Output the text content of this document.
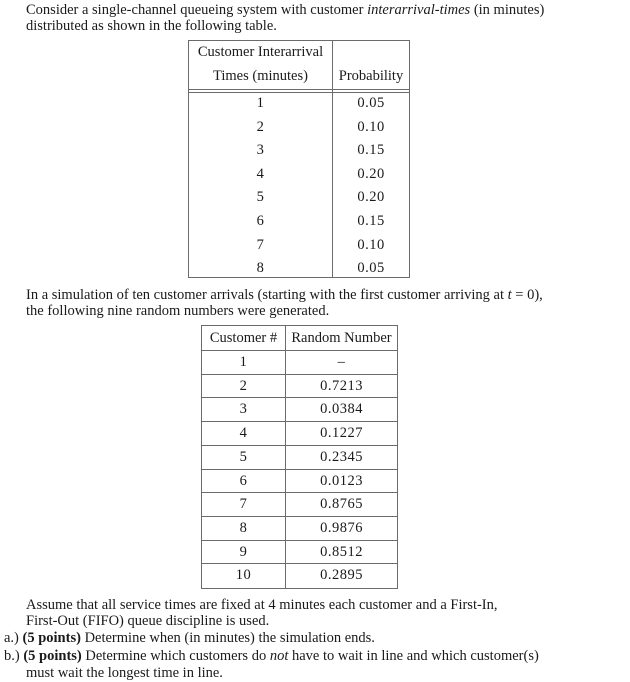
Consider a single-channel queueing system with customer interarrival-times (in minutes)
distributed as shown in the following table.
Customer Interarrival
Times (minutes)	Probability
1	0.05
2	0.10
3	0.15
4	0.20
5	0.20
6	0.15
7	0.10
8	0.05
In a simulation of ten customer arrivals (starting with the first customer arriving at t = 0),
the following nine random numbers were generated.
Customer # Random Number
1	–
2	0.7213
3	0.0384
4	0.1227
5	0.2345
6	0.0123
7	0.8765
8	0.9876
9	0.8512
10	0.2895
Assume that all service times are fixed at 4 minutes each customer and a First-In,
First-Out (FIFO) queue discipline is used.
a.) (5 points) Determine when (in minutes) the simulation ends.
b.) (5 points) Determine which customers do not have to wait in line and which customer(s)
must wait the longest time in line.
